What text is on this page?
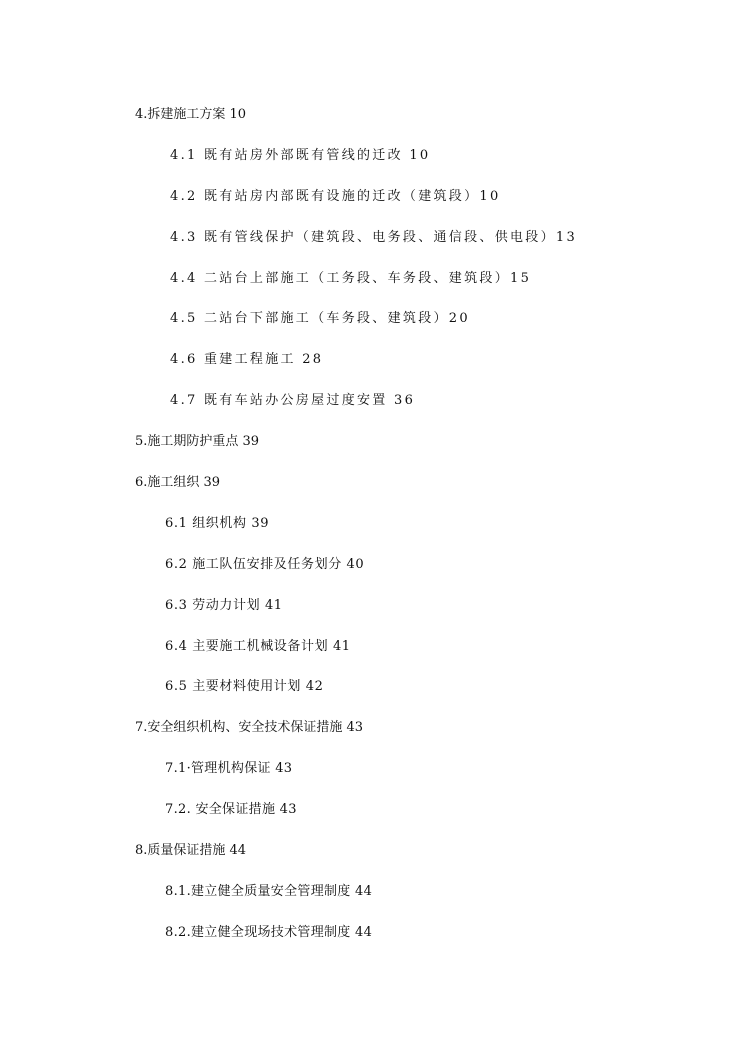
4.拆建施工方案 10
4.1 既有站房外部既有管线的迁改 10
4.2 既有站房内部既有设施的迁改（建筑段）10
4.3 既有管线保护（建筑段、电务段、通信段、供电段）13
4.4 二站台上部施工（工务段、车务段、建筑段）15
4.5 二站台下部施工（车务段、建筑段）20
4.6 重建工程施工 28
4.7 既有车站办公房屋过度安置 36
5.施工期防护重点 39
6.施工组织 39
6.1 组织机构 39
6.2 施工队伍安排及任务划分 40
6.3 劳动力计划 41
6.4 主要施工机械设备计划 41
6.5 主要材料使用计划 42
7.安全组织机构、安全技术保证措施 43
7.1·管理机构保证 43
7.2. 安全保证措施 43
8.质量保证措施 44
8.1.建立健全质量安全管理制度 44
8.2.建立健全现场技术管理制度 44
